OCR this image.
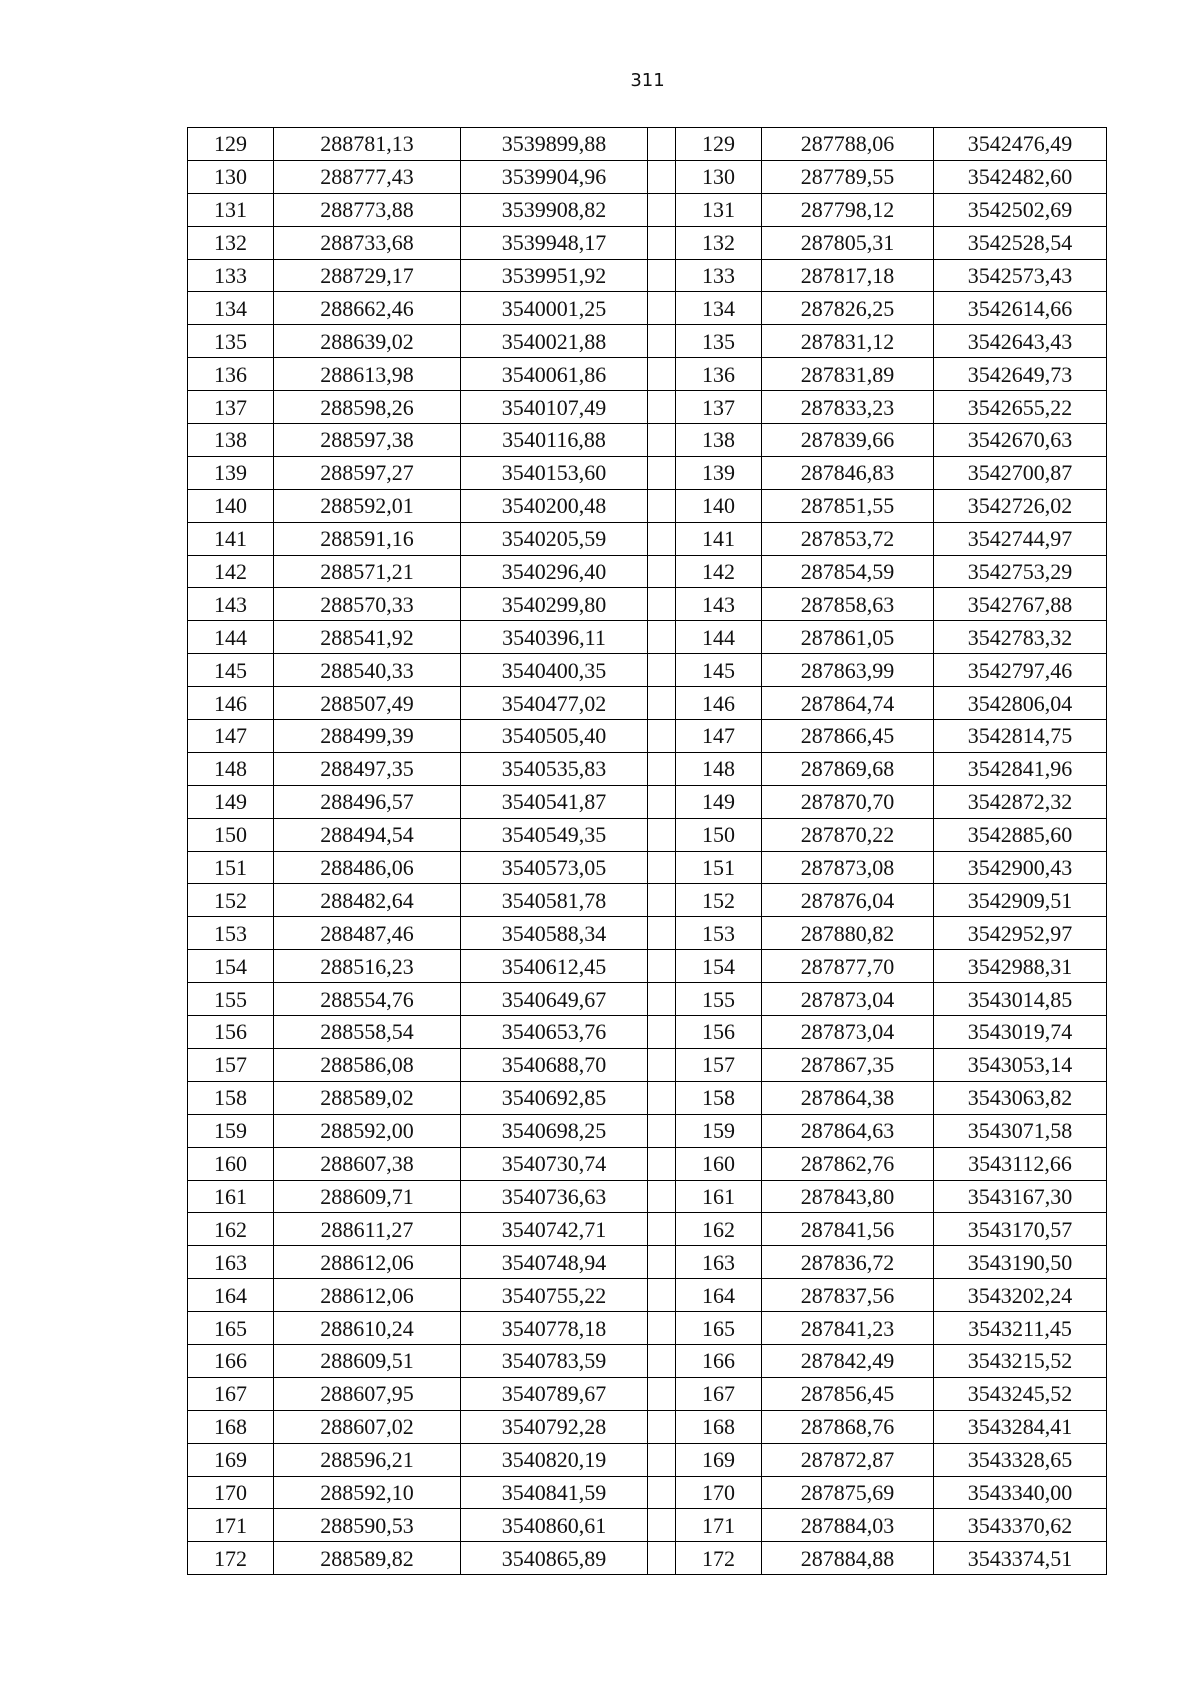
311
129	288781,13	3539899,88		129	287788,06	3542476,49
130	288777,43	3539904,96		130	287789,55	3542482,60
131	288773,88	3539908,82		131	287798,12	3542502,69
132	288733,68	3539948,17		132	287805,31	3542528,54
133	288729,17	3539951,92		133	287817,18	3542573,43
134	288662,46	3540001,25		134	287826,25	3542614,66
135	288639,02	3540021,88		135	287831,12	3542643,43
136	288613,98	3540061,86		136	287831,89	3542649,73
137	288598,26	3540107,49		137	287833,23	3542655,22
138	288597,38	3540116,88		138	287839,66	3542670,63
139	288597,27	3540153,60		139	287846,83	3542700,87
140	288592,01	3540200,48		140	287851,55	3542726,02
141	288591,16	3540205,59		141	287853,72	3542744,97
142	288571,21	3540296,40		142	287854,59	3542753,29
143	288570,33	3540299,80		143	287858,63	3542767,88
144	288541,92	3540396,11		144	287861,05	3542783,32
145	288540,33	3540400,35		145	287863,99	3542797,46
146	288507,49	3540477,02		146	287864,74	3542806,04
147	288499,39	3540505,40		147	287866,45	3542814,75
148	288497,35	3540535,83		148	287869,68	3542841,96
149	288496,57	3540541,87		149	287870,70	3542872,32
150	288494,54	3540549,35		150	287870,22	3542885,60
151	288486,06	3540573,05		151	287873,08	3542900,43
152	288482,64	3540581,78		152	287876,04	3542909,51
153	288487,46	3540588,34		153	287880,82	3542952,97
154	288516,23	3540612,45		154	287877,70	3542988,31
155	288554,76	3540649,67		155	287873,04	3543014,85
156	288558,54	3540653,76		156	287873,04	3543019,74
157	288586,08	3540688,70		157	287867,35	3543053,14
158	288589,02	3540692,85		158	287864,38	3543063,82
159	288592,00	3540698,25		159	287864,63	3543071,58
160	288607,38	3540730,74		160	287862,76	3543112,66
161	288609,71	3540736,63		161	287843,80	3543167,30
162	288611,27	3540742,71		162	287841,56	3543170,57
163	288612,06	3540748,94		163	287836,72	3543190,50
164	288612,06	3540755,22		164	287837,56	3543202,24
165	288610,24	3540778,18		165	287841,23	3543211,45
166	288609,51	3540783,59		166	287842,49	3543215,52
167	288607,95	3540789,67		167	287856,45	3543245,52
168	288607,02	3540792,28		168	287868,76	3543284,41
169	288596,21	3540820,19		169	287872,87	3543328,65
170	288592,10	3540841,59		170	287875,69	3543340,00
171	288590,53	3540860,61		171	287884,03	3543370,62
172	288589,82	3540865,89		172	287884,88	3543374,51
